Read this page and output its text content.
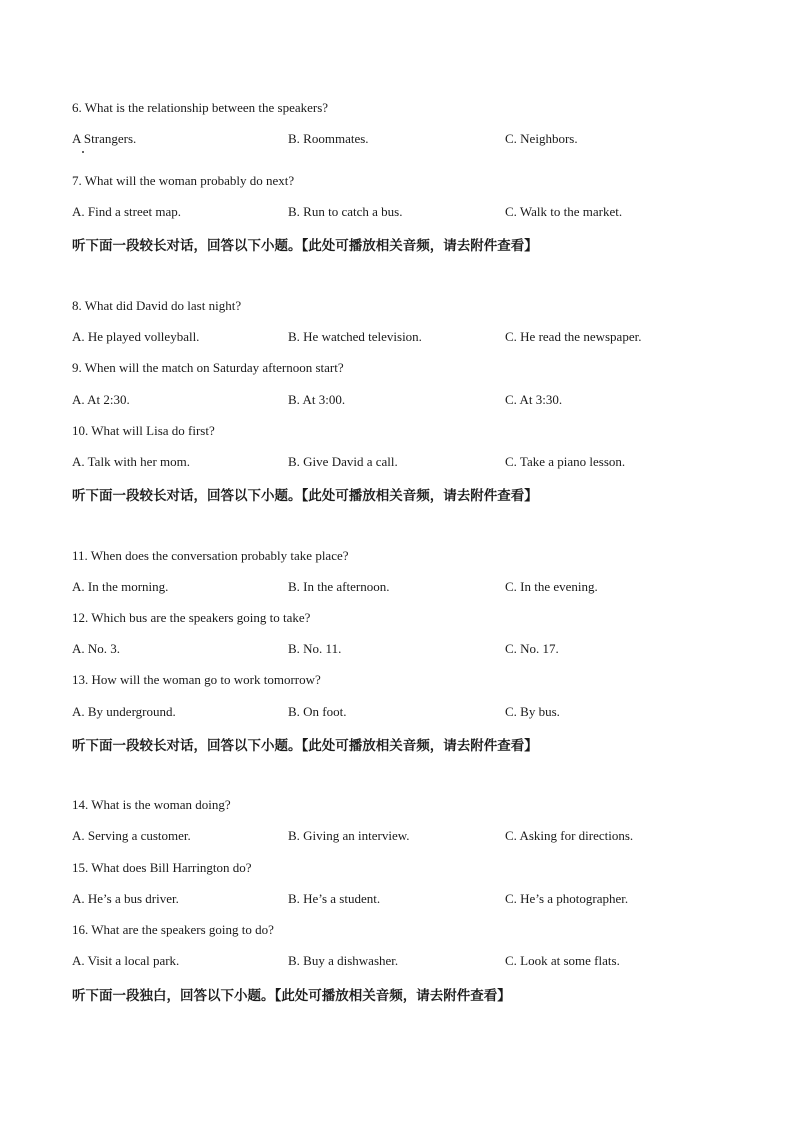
6. What is the relationship between the speakers?
A Strangers.	B. Roommates.	C. Neighbors.
7. What will the woman probably do next?
A. Find a street map.	B. Run to catch a bus.	C. Walk to the market.
听下面一段较长对话，回答以下小题。【此处可播放相关音频，请去附件查看】
8. What did David do last night?
A. He played volleyball.	B. He watched television.	C. He read the newspaper.
9. When will the match on Saturday afternoon start?
A. At 2:30.	B. At 3:00.	C. At 3:30.
10. What will Lisa do first?
A. Talk with her mom.	B. Give David a call.	C. Take a piano lesson.
听下面一段较长对话，回答以下小题。【此处可播放相关音频，请去附件查看】
11. When does the conversation probably take place?
A. In the morning.	B. In the afternoon.	C. In the evening.
12. Which bus are the speakers going to take?
A. No. 3.	B. No. 11.	C. No. 17.
13. How will the woman go to work tomorrow?
A. By underground.	B. On foot.	C. By bus.
听下面一段较长对话，回答以下小题。【此处可播放相关音频，请去附件查看】
14. What is the woman doing?
A. Serving a customer.	B. Giving an interview.	C. Asking for directions.
15. What does Bill Harrington do?
A. He’s a bus driver.	B. He’s a student.	C. He’s a photographer.
16. What are the speakers going to do?
A. Visit a local park.	B. Buy a dishwasher.	C. Look at some flats.
听下面一段独白，回答以下小题。【此处可播放相关音频，请去附件查看】
